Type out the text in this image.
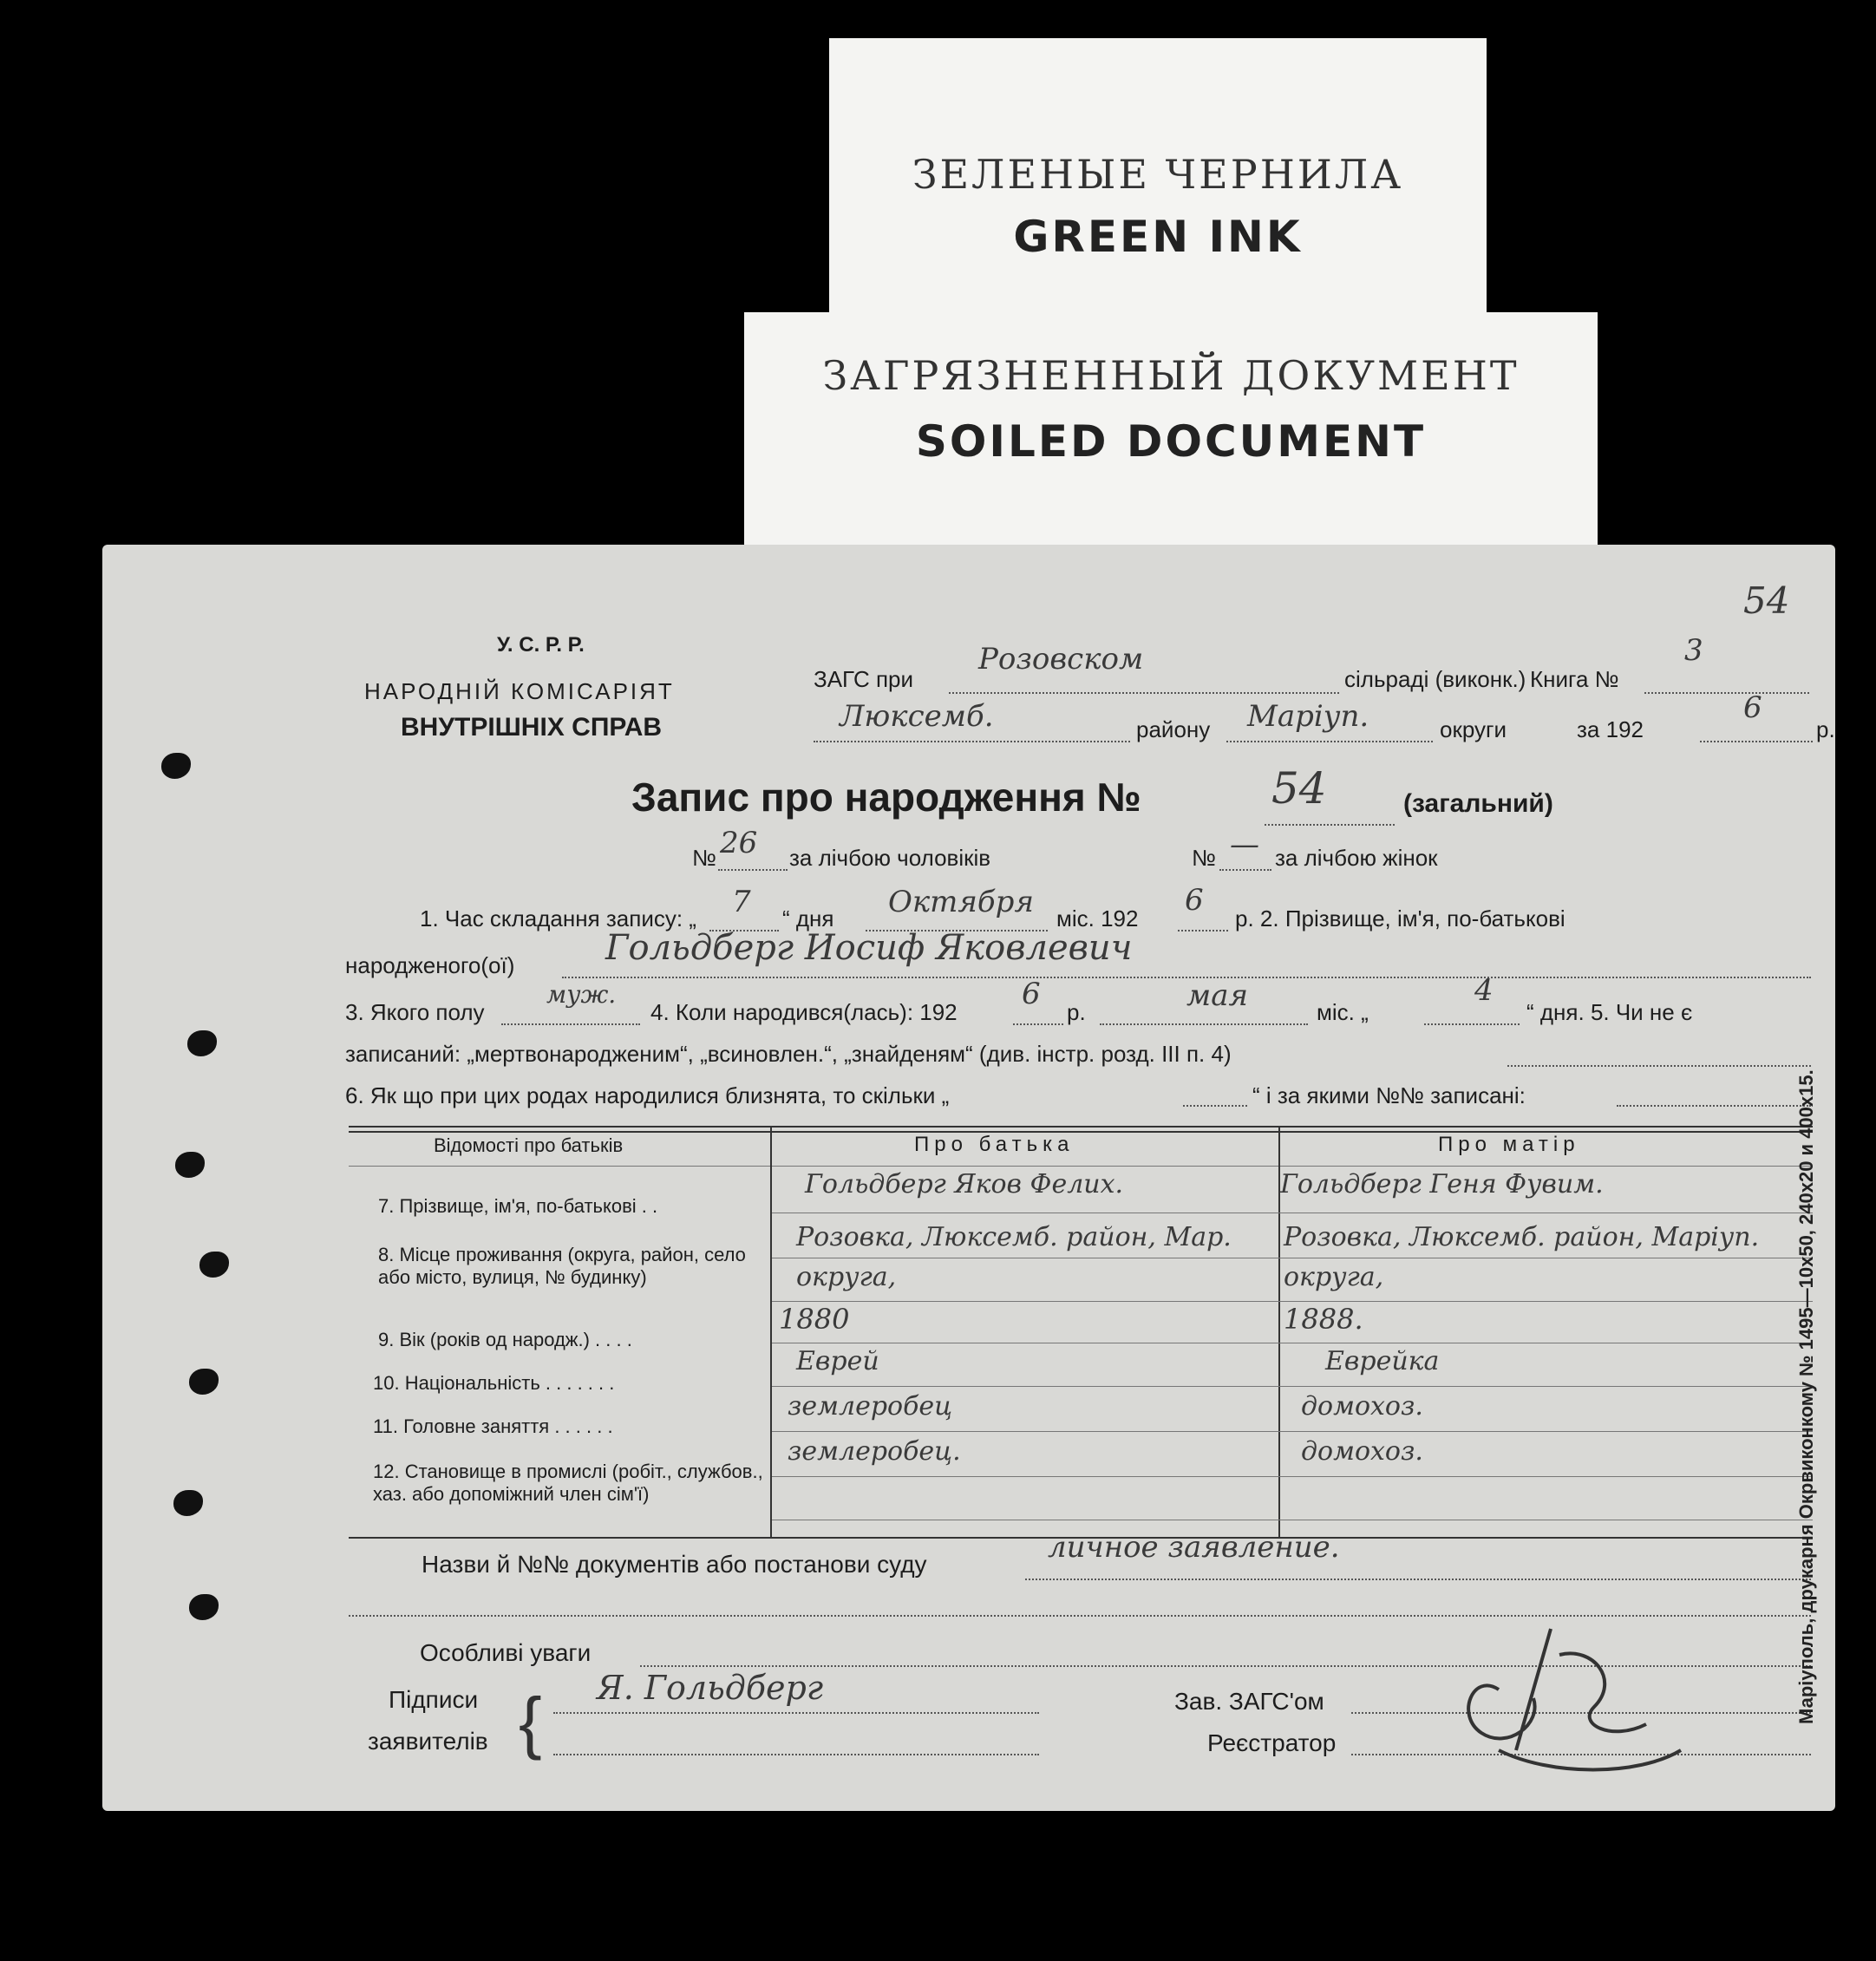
ЗЕЛЕНЫЕ ЧЕРНИЛА
GREEN INK
ЗАГРЯЗНЕННЫЙ ДОКУМЕНТ
SOILED DOCUMENT
54
У. С. Р. Р.
НАРОДНІЙ КОМІСАРІЯТ
ВНУТРІШНІХ СПРАВ
ЗАГС при
Розовском
сільраді (виконк.) Книга №
3
Люксемб.	району Маріуп.	округи	за 192
6
р.
Запис про народження №	54	(загальний)
№ 26 за лічбою чоловіків	№ — за лічбою жінок
1. Час складання запису: „ 7 “ дня Октября міс. 192
6
р. 2. Прізвище, ім'я, по-батькові
народженого(ої)	Гольдберг Иосиф Яковлевич
3. Якого полу
муж.
4. Коли народився(лась): 192
6
р.	мая	міс. „
4
“ дня. 5. Чи не є
записаний: „мертвонародженим“, „всиновлен.“, „знайденям“ (див. інстр. розд. III п. 4)
6. Як що при цих родах народилися близнята, то скільки „	“ і за якими №№ записані:
Відомості про батьків	Про батька	Про матір
7. Прізвище, ім'я, по-батькові . .
Гольдберг Яков Фелих.	Гольдберг Геня Фувим.
8. Місце проживання (округа, район, село або місто, вулиця, № будинку)
Розовка, Люксемб. район, Мар. округа,
Розовка, Люксемб. район, Маріуп. округа,
9. Вік (років од народж.) . . . .
1880	1888.
10. Національність . . . . . . .
Еврей	Еврейка
11. Головне заняття . . . . . .
землеробец	домохоз.
12. Становище в промислі (робіт., службов., хаз. або допоміжний член сім'ї)
землеробец.	домохоз.
Назви й №№ документів або постанови суду	личное заявление.
Особливі уваги
Підписи
заявителів { Я. Гольдберг	Зав. ЗАГС'ом
Реєстратор
Маріуполь, друкарня Окрвиконкому № 1495—10х50, 240х20 и 400х15.
